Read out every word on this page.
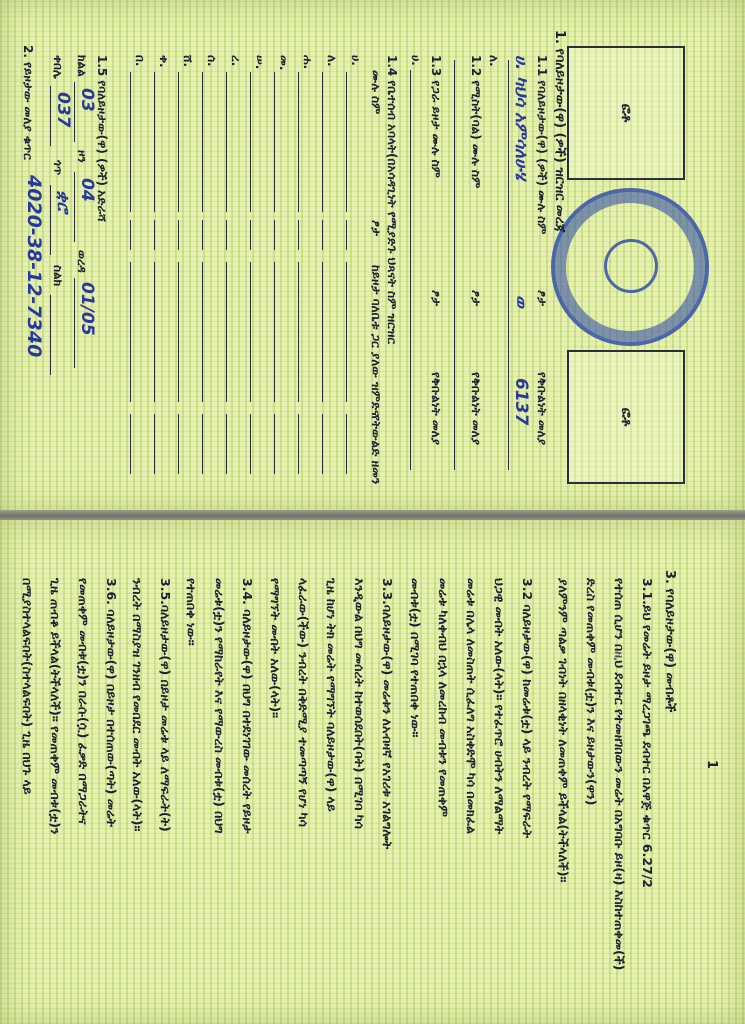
ፎቶ
ፎቶ
1. የባለይዞታው(ዋ) (ዎች) ዝርዝር መረጃ
1.1 የባለይዞታው(ዋ) (ዎች) ሙሉ ስም
ፆታ
የቅቡልነት መለያ
ሀ. ካህሳ አምሳለሁሄ
ወ
6137
ለ.
1.2 የሚስት(ባል) ሙሉ ስም
ፆታ
የቅቡልነት መለያ
1.3 የጋራ ይዞታ ሙሉ ስም
ፆታ
የቅቡልነት መለያ
ሀ.
1.4 የቤተሰብ አባላት(በአሳዳጊነት የሚያድጉ ህጻናት ስም ዝርዝር
ሙሉ ስም
ፆታ
ከይዞታ ባለቤቱ ጋር ያለው ዝምድና
የትውልድ ዘመን
ሀ.
ለ.
ሐ.
መ.
ሠ.
ረ.
ሰ.
ሸ.
ቀ.
በ.
1.5 የባለይዞታው(ዋ) (ዎች) አድራሻ
ክልል
03
ዞን
04
ወረዳ
01/05
ቀበሌ
037
ጎጥ
ቋሮ
ስልክ
2. የይዞታው መለያ ቁጥር
4020-38-12-7340
3. የባለይዞታው(ዋ) መብቶች
3.1.ይህ የመሬት ይዞታ ማረጋገጫ ደብተር በአዋጅ ቁጥር 6.27/2
የተሰጠ ሲሆን በዚህ ደብተር የተመዘገበውን መሬት በአግባቡ ይዞ(ዛ) እስከተጠቀመ(ች)
ድረስ የመጠቀም መብቱ(ቷ)ን እና ይዞታውን(ዋን)
ያለምንም ጣልቃ ገብነት በዘላቂነት ለመጠቀም ይችላል(ትችላለች)።
3.2 ባለይዞታው(ዋ) ከመሬቱ(ቷ) ላይ ንብረት የማፍራት
ህጋዊ መብት አለው(ላት)። የተፈጥሮ ሀብትን ለማልማት
መሬቱ በሌላ ለመስጠት ሲፈለግ አስቀድሞ ካሳ በመክፈል
መሬቱ ካለቀብህ በኋላ ለመረከብ መብቱን የመጠቀም
መብቱ(ቷ) በሚገባ የተጠበቀ ነው።
3.3.ባለይዞታው(ዋ) መሬቱን ለአብዛኛ የአገሪቱ አገልግሎት
እንዲውል በህግ መሰረት ከተወሰደበት(ባት) በሚገባ ካሳ
ጊዜ ከሆነ ትክ መሬት የማግኘት ባለይዞታው(ዋ) ላይ
ላፈራው(ችው) ንብረት በቅድሚያ ተመጣጣኝ የሆነ ካሳ
የማግኘት መብት አለው(ላት)።
3.4. ባለይዞታው(ዋ) በህግ በተደነገገው መሰረት የይዞታ
መሬቱ(ቷ)ን የማከራየት እና የማውረስ መብቱ(ቷ) በህግ
የተጠበቀ ነው።
3.5.ባለይዞታው(ዋ) በይዞታ መሬቱ ላይ ለማፍራት(ት)
ንብረት በማስያዝ ገንዘብ የመበደር መብት አለው(ላት)።
3.6. ባለይዞታው(ዋ) በይዞታ በተሰጠው(ጣት) መሬት
የመጠቀም መብቱ(ቷ)ን በራሱ(ሷ) ፈቃድ በማጋራትና
ጊዜ ጠብቆ ይችላል(ትችላለች)። የመጠቀም መብቱ(ቷ)ን
በሚያስተላልፍበት(ስተላልፍበት) ጊዜ በህጉ ላይ	1
